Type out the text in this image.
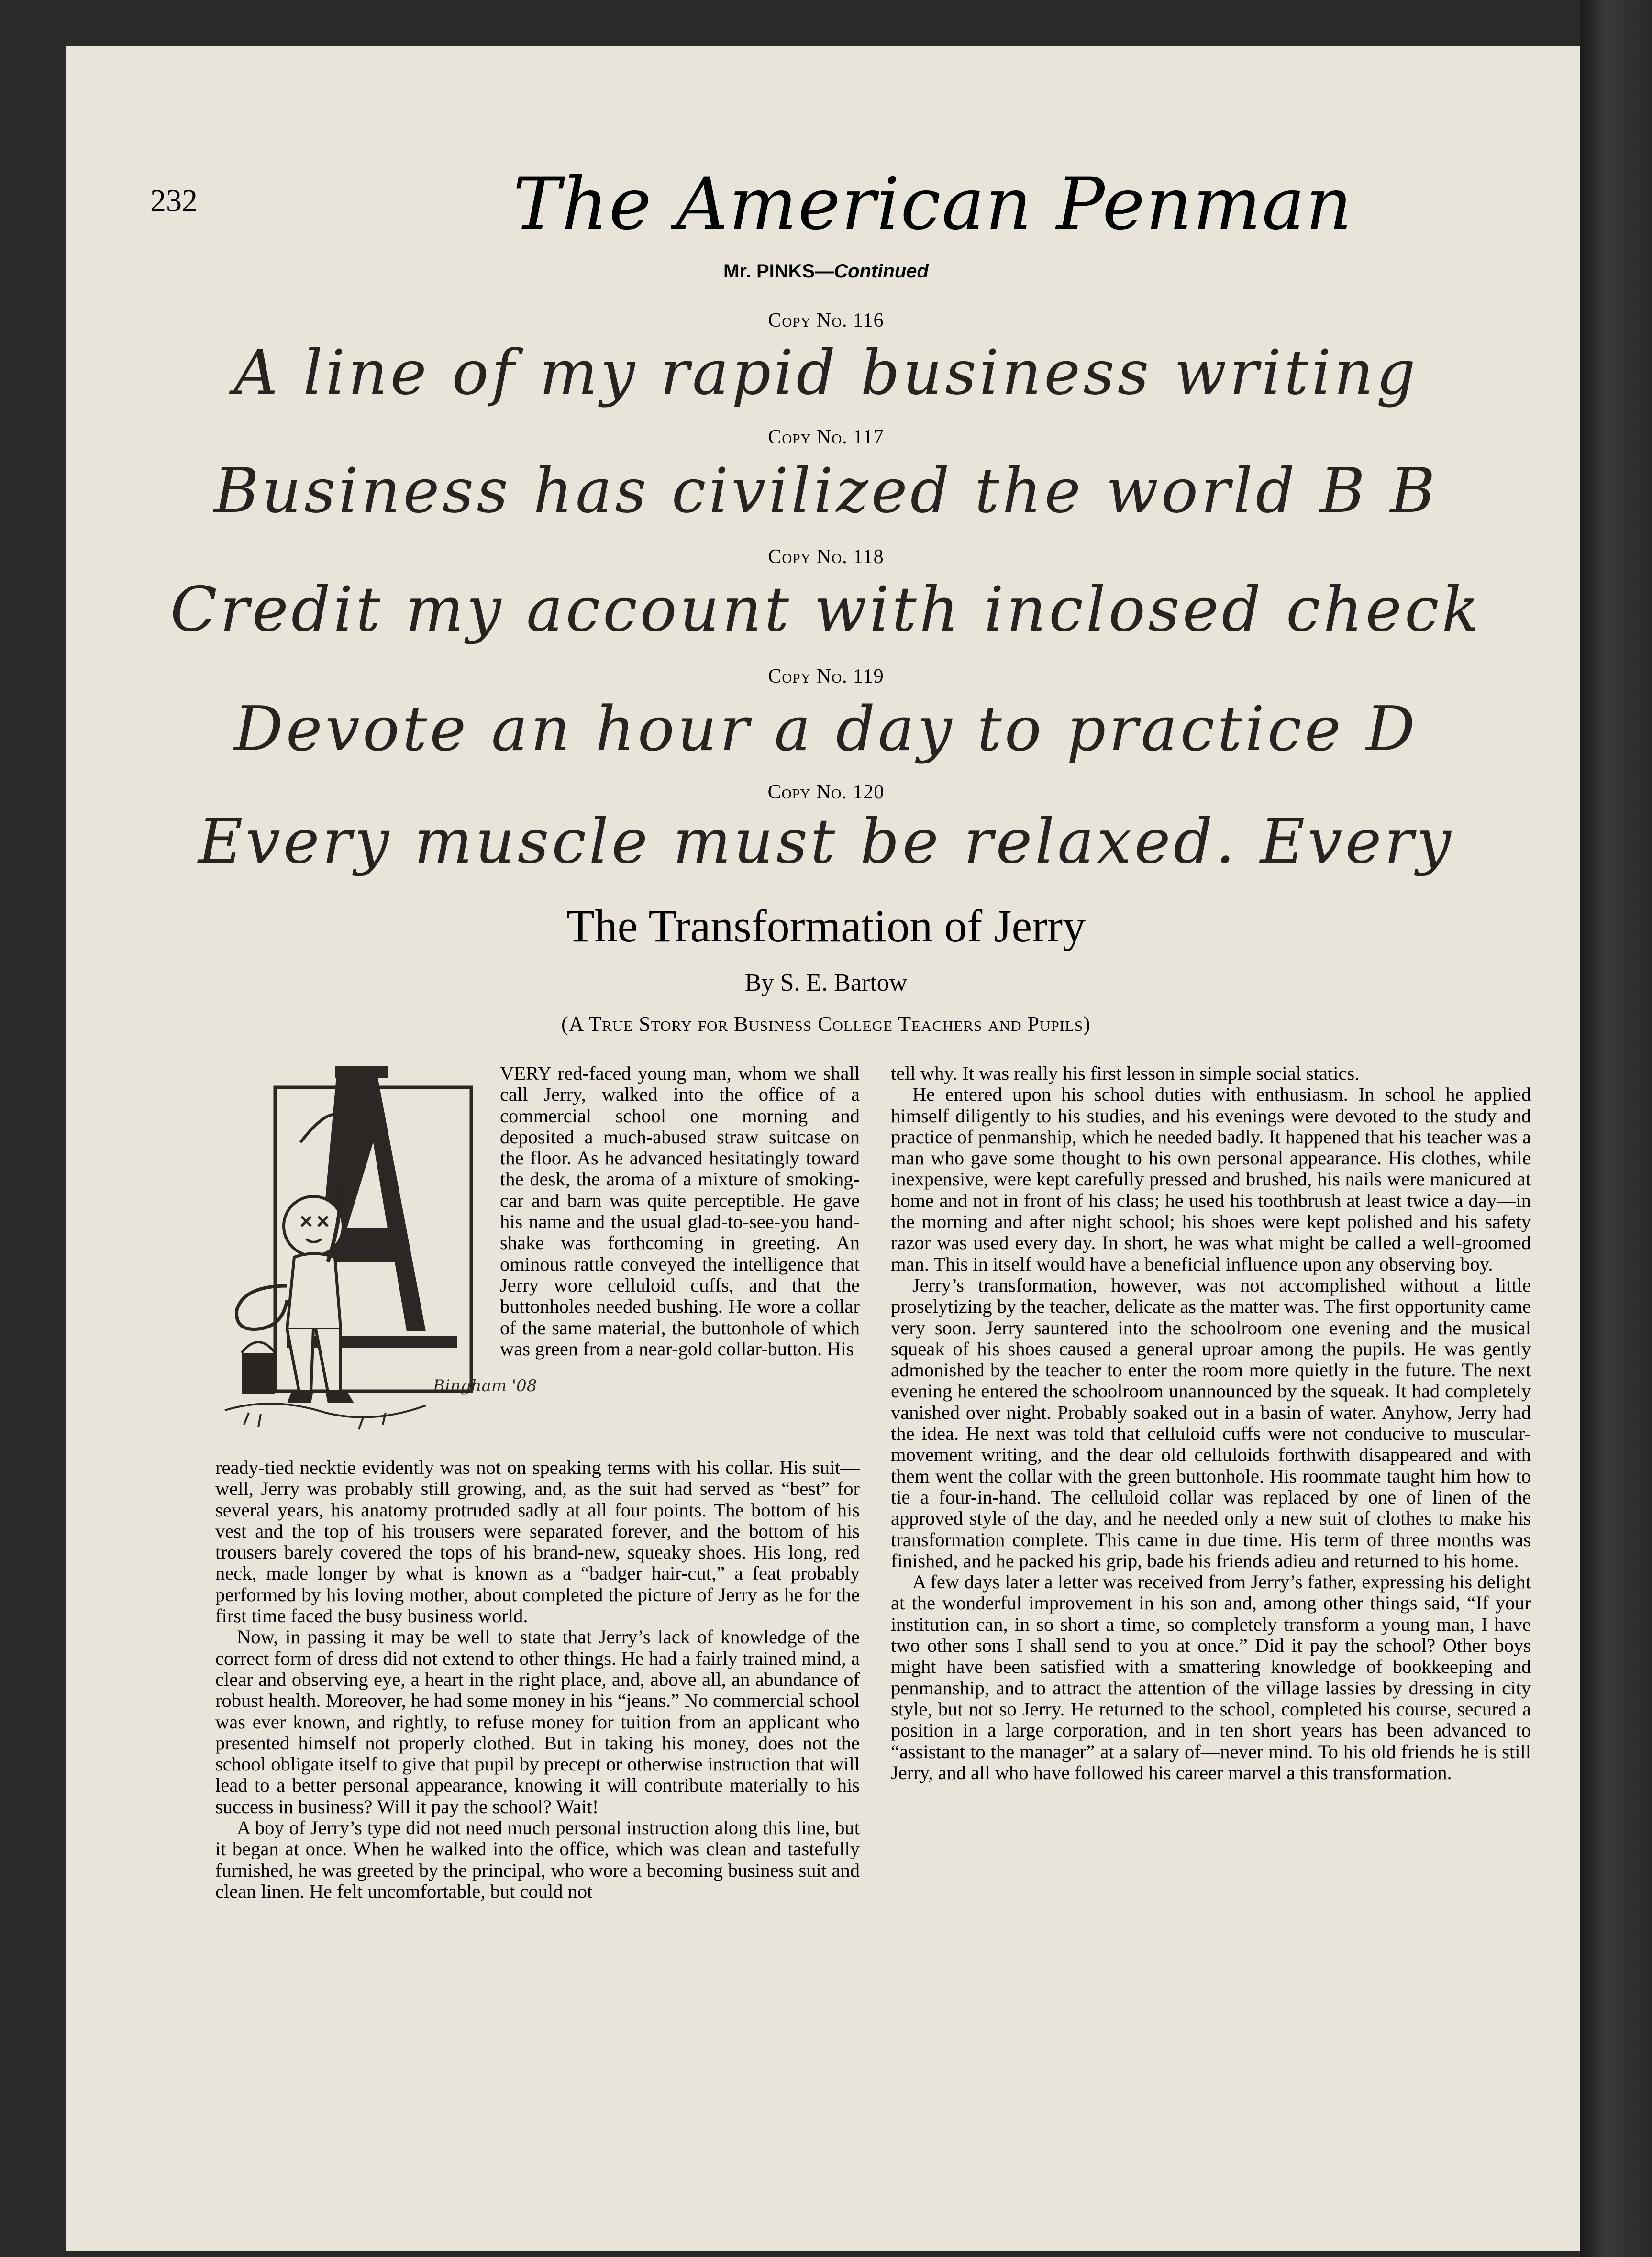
232	The American Penman
Mr. PINKS—Continued
Copy No. 116
A line of my rapid business writing
Copy No. 117
Business has civilized the world B B
Copy No. 118
Credit my account with inclosed check
Copy No. 119
Devote an hour a day to practice D
Copy No. 120
Every muscle must be relaxed. Every
The Transformation of Jerry
By S. E. Bartow
(A True Story for Business College Teachers and Pupils)
Bingham '08

VERY red-faced young man, whom we shall call Jerry, walked into the office of a commercial school one morning and deposited a much-abused straw suitcase on the floor. As he advanced hesitatingly toward the desk, the aroma of a mixture of smoking-car and barn was quite perceptible. He gave his name and the usual glad-to-see-you hand-shake was forthcoming in greeting. An ominous rattle conveyed the intelligence that Jerry wore celluloid cuffs, and that the buttonholes needed bushing. He wore a collar of the same material, the buttonhole of which was green from a near-gold collar-button. His

ready-tied necktie evidently was not on speaking terms with his collar. His suit—well, Jerry was probably still growing, and, as the suit had served as “best” for several years, his anatomy protruded sadly at all four points. The bottom of his vest and the top of his trousers were separated forever, and the bottom of his trousers barely covered the tops of his brand-new, squeaky shoes. His long, red neck, made longer by what is known as a “badger hair-cut,” a feat probably performed by his loving mother, about completed the picture of Jerry as he for the first time faced the busy business world.

Now, in passing it may be well to state that Jerry’s lack of knowledge of the correct form of dress did not extend to other things. He had a fairly trained mind, a clear and observing eye, a heart in the right place, and, above all, an abundance of robust health. Moreover, he had some money in his “jeans.” No commercial school was ever known, and rightly, to refuse money for tuition from an applicant who presented himself not properly clothed. But in taking his money, does not the school obligate itself to give that pupil by precept or otherwise instruction that will lead to a better personal appearance, knowing it will contribute materially to his success in business? Will it pay the school? Wait!

A boy of Jerry’s type did not need much personal instruction along this line, but it began at once. When he walked into the office, which was clean and tastefully furnished, he was greeted by the principal, who wore a becoming business suit and clean linen. He felt uncomfortable, but could not

tell why. It was really his first lesson in simple social statics.

He entered upon his school duties with enthusiasm. In school he applied himself diligently to his studies, and his evenings were devoted to the study and practice of penmanship, which he needed badly. It happened that his teacher was a man who gave some thought to his own personal appearance. His clothes, while inexpensive, were kept carefully pressed and brushed, his nails were manicured at home and not in front of his class; he used his toothbrush at least twice a day—in the morning and after night school; his shoes were kept polished and his safety razor was used every day. In short, he was what might be called a well-groomed man. This in itself would have a beneficial influence upon any observing boy.

Jerry’s transformation, however, was not accomplished without a little proselytizing by the teacher, delicate as the matter was. The first opportunity came very soon. Jerry sauntered into the schoolroom one evening and the musical squeak of his shoes caused a general uproar among the pupils. He was gently admonished by the teacher to enter the room more quietly in the future. The next evening he entered the schoolroom unannounced by the squeak. It had completely vanished over night. Probably soaked out in a basin of water. Anyhow, Jerry had the idea. He next was told that celluloid cuffs were not conducive to muscular-movement writing, and the dear old celluloids forthwith disappeared and with them went the collar with the green buttonhole. His roommate taught him how to tie a four-in-hand. The celluloid collar was replaced by one of linen of the approved style of the day, and he needed only a new suit of clothes to make his transformation complete. This came in due time. His term of three months was finished, and he packed his grip, bade his friends adieu and returned to his home.

A few days later a letter was received from Jerry’s father, expressing his delight at the wonderful improvement in his son and, among other things said, “If your institution can, in so short a time, so completely transform a young man, I have two other sons I shall send to you at once.” Did it pay the school? Other boys might have been satisfied with a smattering knowledge of bookkeeping and penmanship, and to attract the attention of the village lassies by dressing in city style, but not so Jerry. He returned to the school, completed his course, secured a position in a large corporation, and in ten short years has been advanced to “assistant to the manager” at a salary of—never mind. To his old friends he is still Jerry, and all who have followed his career marvel a this transformation.
